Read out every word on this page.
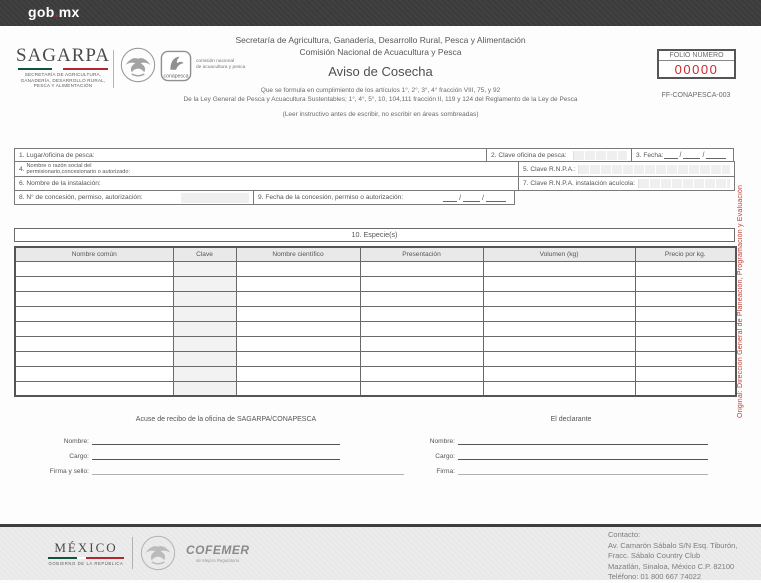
gob.mx
SAGARPA
SECRETARÍA DE AGRICULTURA, GANADERÍA, DESARROLLO RURAL, PESCA Y ALIMENTACIÓN
conapesca
comisión nacional
de acuacultura y pesca
Secretaría de Agricultura, Ganadería, Desarrollo Rural, Pesca y Alimentación
Comisión Nacional de Acuacultura y Pesca
Aviso de Cosecha
Que se formula en cumplimiento de los artículos 1°, 2°, 3°, 4° fracción VIII, 75, y 92
De la Ley General de Pesca y Acuacultura Sustentables; 1°, 4°, 5°, 10, 104,111 fracción II, 119 y 124 del Reglamento de la Ley de Pesca
(Leer instructivo antes de escribir, no escribir en áreas sombreadas)
FOLIO NÚMERO
00000
FF-CONAPESCA-003
1. Lugar/oficina de pesca:	2. Clave oficina de pesca:	3. Fecha:	/	/
4. Nombre o razón social del
permisionario,concesionario o autorizado:	5. Clave R.N.P.A.:
6. Nombre de la instalación:	7. Clave R.N.P.A. instalación acuícola:
8. N° de concesión, permiso, autorización:	9. Fecha de la concesión, permiso o autorización:	/	/	Original: Dirección General de Planeación, Programación y Evaluación
10. Especie(s)
Nombre común	Clave	Nombre científico	Presentación	Volumen (kg)	Precio por kg.

Acuse de recibo de la oficina de SAGARPA/CONAPESCA
Nombre:
Cargo:
Firma y sello:
El declarante
Nombre:
Cargo:
Firma:
MÉXICO
GOBIERNO DE LA REPÚBLICA
COFEMER
de Mejora Regulatoria
Contacto:
Av. Camarón Sábalo S/N Esq. Tiburón,
Fracc. Sábalo Country Club
Mazatlán, Sinaloa, México C.P. 82100
Teléfono: 01 800 667 74022
